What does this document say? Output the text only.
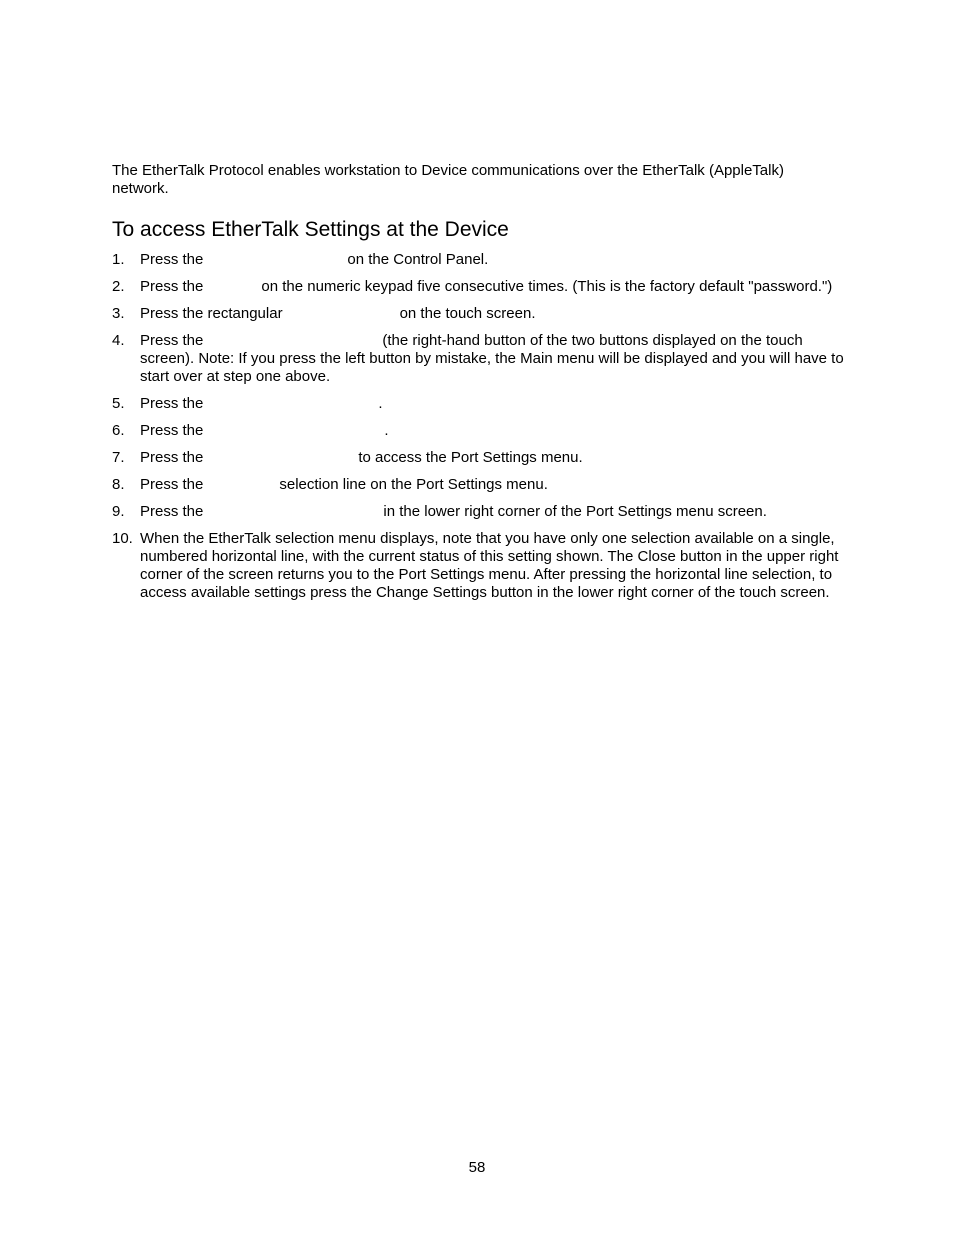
The EtherTalk Protocol enables workstation to Device communications over the EtherTalk (AppleTalk) network.

To access EtherTalk Settings at the Device
1. Press the	on the Control Panel.
2. Press the	on the numeric keypad five consecutive times. (This is the factory default "password.")
3. Press the rectangular	on the touch screen.
4. Press the	(the right-hand button of the two buttons displayed on the touch screen). Note: If you press the left button by mistake, the Main menu will be displayed and you will have to start over at step one above.
5. Press the	.
6. Press the	.
7. Press the	to access the Port Settings menu.
8. Press the	selection line on the Port Settings menu.
9. Press the	in the lower right corner of the Port Settings menu screen.
10. When the EtherTalk selection menu displays, note that you have only one selection available on a single, numbered horizontal line, with the current status of this setting shown. The Close button in the upper right corner of the screen returns you to the Port Settings menu. After pressing the horizontal line selection, to access available settings press the Change Settings button in the lower right corner of the touch screen.
58
